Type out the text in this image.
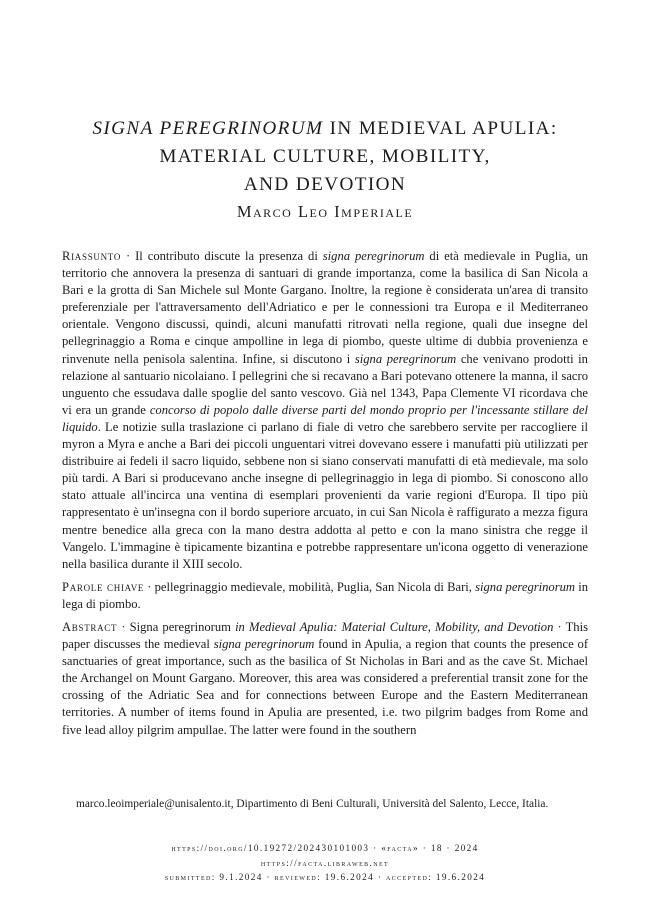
SIGNA PEREGRINORUM IN MEDIEVAL APULIA:
MATERIAL CULTURE, MOBILITY,
AND DEVOTION
Marco Leo Imperiale

Riassunto · Il contributo discute la presenza di signa peregrinorum di età medievale in Puglia, un territorio che annovera la presenza di santuari di grande importanza, come la basilica di San Nicola a Bari e la grotta di San Michele sul Monte Gargano. Inoltre, la regione è considerata un'area di transito preferenziale per l'attraversamento dell'Adriatico e per le connessioni tra Europa e il Mediterraneo orientale. Vengono discussi, quindi, alcuni manufatti ritrovati nella regione, quali due insegne del pellegrinaggio a Roma e cinque ampolline in lega di piombo, queste ultime di dubbia provenienza e rinvenute nella penisola salentina. Infine, si discutono i signa peregrinorum che venivano prodotti in relazione al santuario nicolaiano. I pellegrini che si recavano a Bari potevano ottenere la manna, il sacro unguento che essudava dalle spoglie del santo vescovo. Già nel 1343, Papa Clemente VI ricordava che vi era un grande concorso di popolo dalle diverse parti del mondo proprio per l'incessante stillare del liquido. Le notizie sulla traslazione ci parlano di fiale di vetro che sarebbero servite per raccogliere il myron a Myra e anche a Bari dei piccoli unguentari vitrei dovevano essere i manufatti più utilizzati per distribuire ai fedeli il sacro liquido, sebbene non si siano conservati manufatti di età medievale, ma solo più tardi. A Bari si producevano anche insegne di pellegrinaggio in lega di piombo. Si conoscono allo stato attuale all'incirca una ventina di esemplari provenienti da varie regioni d'Europa. Il tipo più rappresentato è un'insegna con il bordo superiore arcuato, in cui San Nicola è raffigurato a mezza figura mentre benedice alla greca con la mano destra addotta al petto e con la mano sinistra che regge il Vangelo. L'immagine è tipicamente bizantina e potrebbe rappresentare un'icona oggetto di venerazione nella basilica durante il XIII secolo.

Parole chiave · pellegrinaggio medievale, mobilità, Puglia, San Nicola di Bari, signa peregrinorum in lega di piombo.

Abstract · Signa peregrinorum in Medieval Apulia: Material Culture, Mobility, and Devotion · This paper discusses the medieval signa peregrinorum found in Apulia, a region that counts the presence of sanctuaries of great importance, such as the basilica of St Nicholas in Bari and as the cave St. Michael the Archangel on Mount Gargano. Moreover, this area was considered a preferential transit zone for the crossing of the Adriatic Sea and for connections between Europe and the Eastern Mediterranean territories. A number of items found in Apulia are presented, i.e. two pilgrim badges from Rome and five lead alloy pilgrim ampullae. The latter were found in the southern

marco.leoimperiale@unisalento.it, Dipartimento di Beni Culturali, Università del Salento, Lecce, Italia.
https://doi.org/10.19272/202430101003 · «facta» · 18 · 2024
https://facta.libraweb.net
submitted: 9.1.2024 · reviewed: 19.6.2024 · accepted: 19.6.2024
